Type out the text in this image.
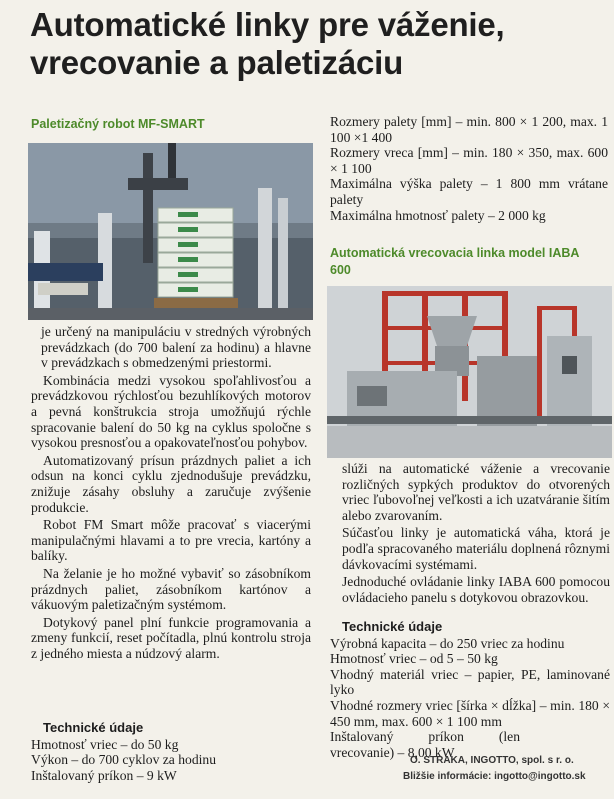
Automatické linky pre váženie,
vrecovanie a paletizáciu
Paletizačný robot MF-SMART

je určený na manipuláciu v stredných výrobných prevádzkach (do 700 balení za hodinu) a hlavne v prevádzkach s obmedzenými priestormi.

Kombinácia medzi vysokou spoľahlivosťou a prevádzkovou rýchlosťou bezuhlíkových motorov a pevná konštrukcia stroja umožňujú rýchle spracovanie balení do 50 kg na cyklus spoločne s vysokou presnosťou a opakovateľnosťou pohybov.

Automatizovaný prísun prázdnych paliet a ich odsun na konci cyklu zjednodušuje prevádzku, znižuje zásahy obsluhy a zaručuje zvýšenie produkcie.

Robot FM Smart môže pracovať s viacerými manipulačnými hlavami a to pre vrecia, kartóny a balíky.

Na želanie je ho možné vybaviť so zásobníkom prázdnych paliet, zásobníkom kartónov a vákuovým paletizačným systémom.

Dotykový panel plní funkcie programovania a zmeny funkcií, reset počítadla, plnú kontrolu stroja z jedného miesta a núdzový alarm.

Technické údaje

Hmotnosť vriec – do 50 kg

Výkon – do 700 cyklov za hodinu

Inštalovaný príkon – 9 kW

Rozmery palety [mm] – min. 800 × 1 200, max. 1 100 ×1 400

Rozmery vreca [mm] – min. 180 × 350, max. 600 × 1 100

Maximálna výška palety – 1 800 mm vrátane palety

Maximálna hmotnosť palety – 2 000 kg

Automatická vrecovacia linka model IABA 600

slúži na automatické váženie a vrecovanie rozličných sypkých produktov do otvorených vriec ľubovoľnej veľkosti a ich uzatváranie šitím alebo zvarovaním.

Súčasťou linky je automatická váha, ktorá je podľa spracovaného materiálu doplnená rôznymi dávkovacími systémami.

Jednoduché ovládanie linky IABA 600 pomocou ovládacieho panelu s dotykovou obrazovkou.

Technické údaje

Výrobná kapacita – do 250 vriec za hodinu

Hmotnosť vriec – od 5 – 50 kg

Vhodný materiál vriec – papier, PE, laminované lyko

Vhodné rozmery vriec [šírka × dĺžka] – min. 180 × 450 mm, max. 600 × 1 100 mm

Inštalovaný príkon (len vrecovanie) – 8,00 kW

O. STRAKA, INGOTTO, spol. s r. o.
Bližšie informácie: ingotto@ingotto.sk
